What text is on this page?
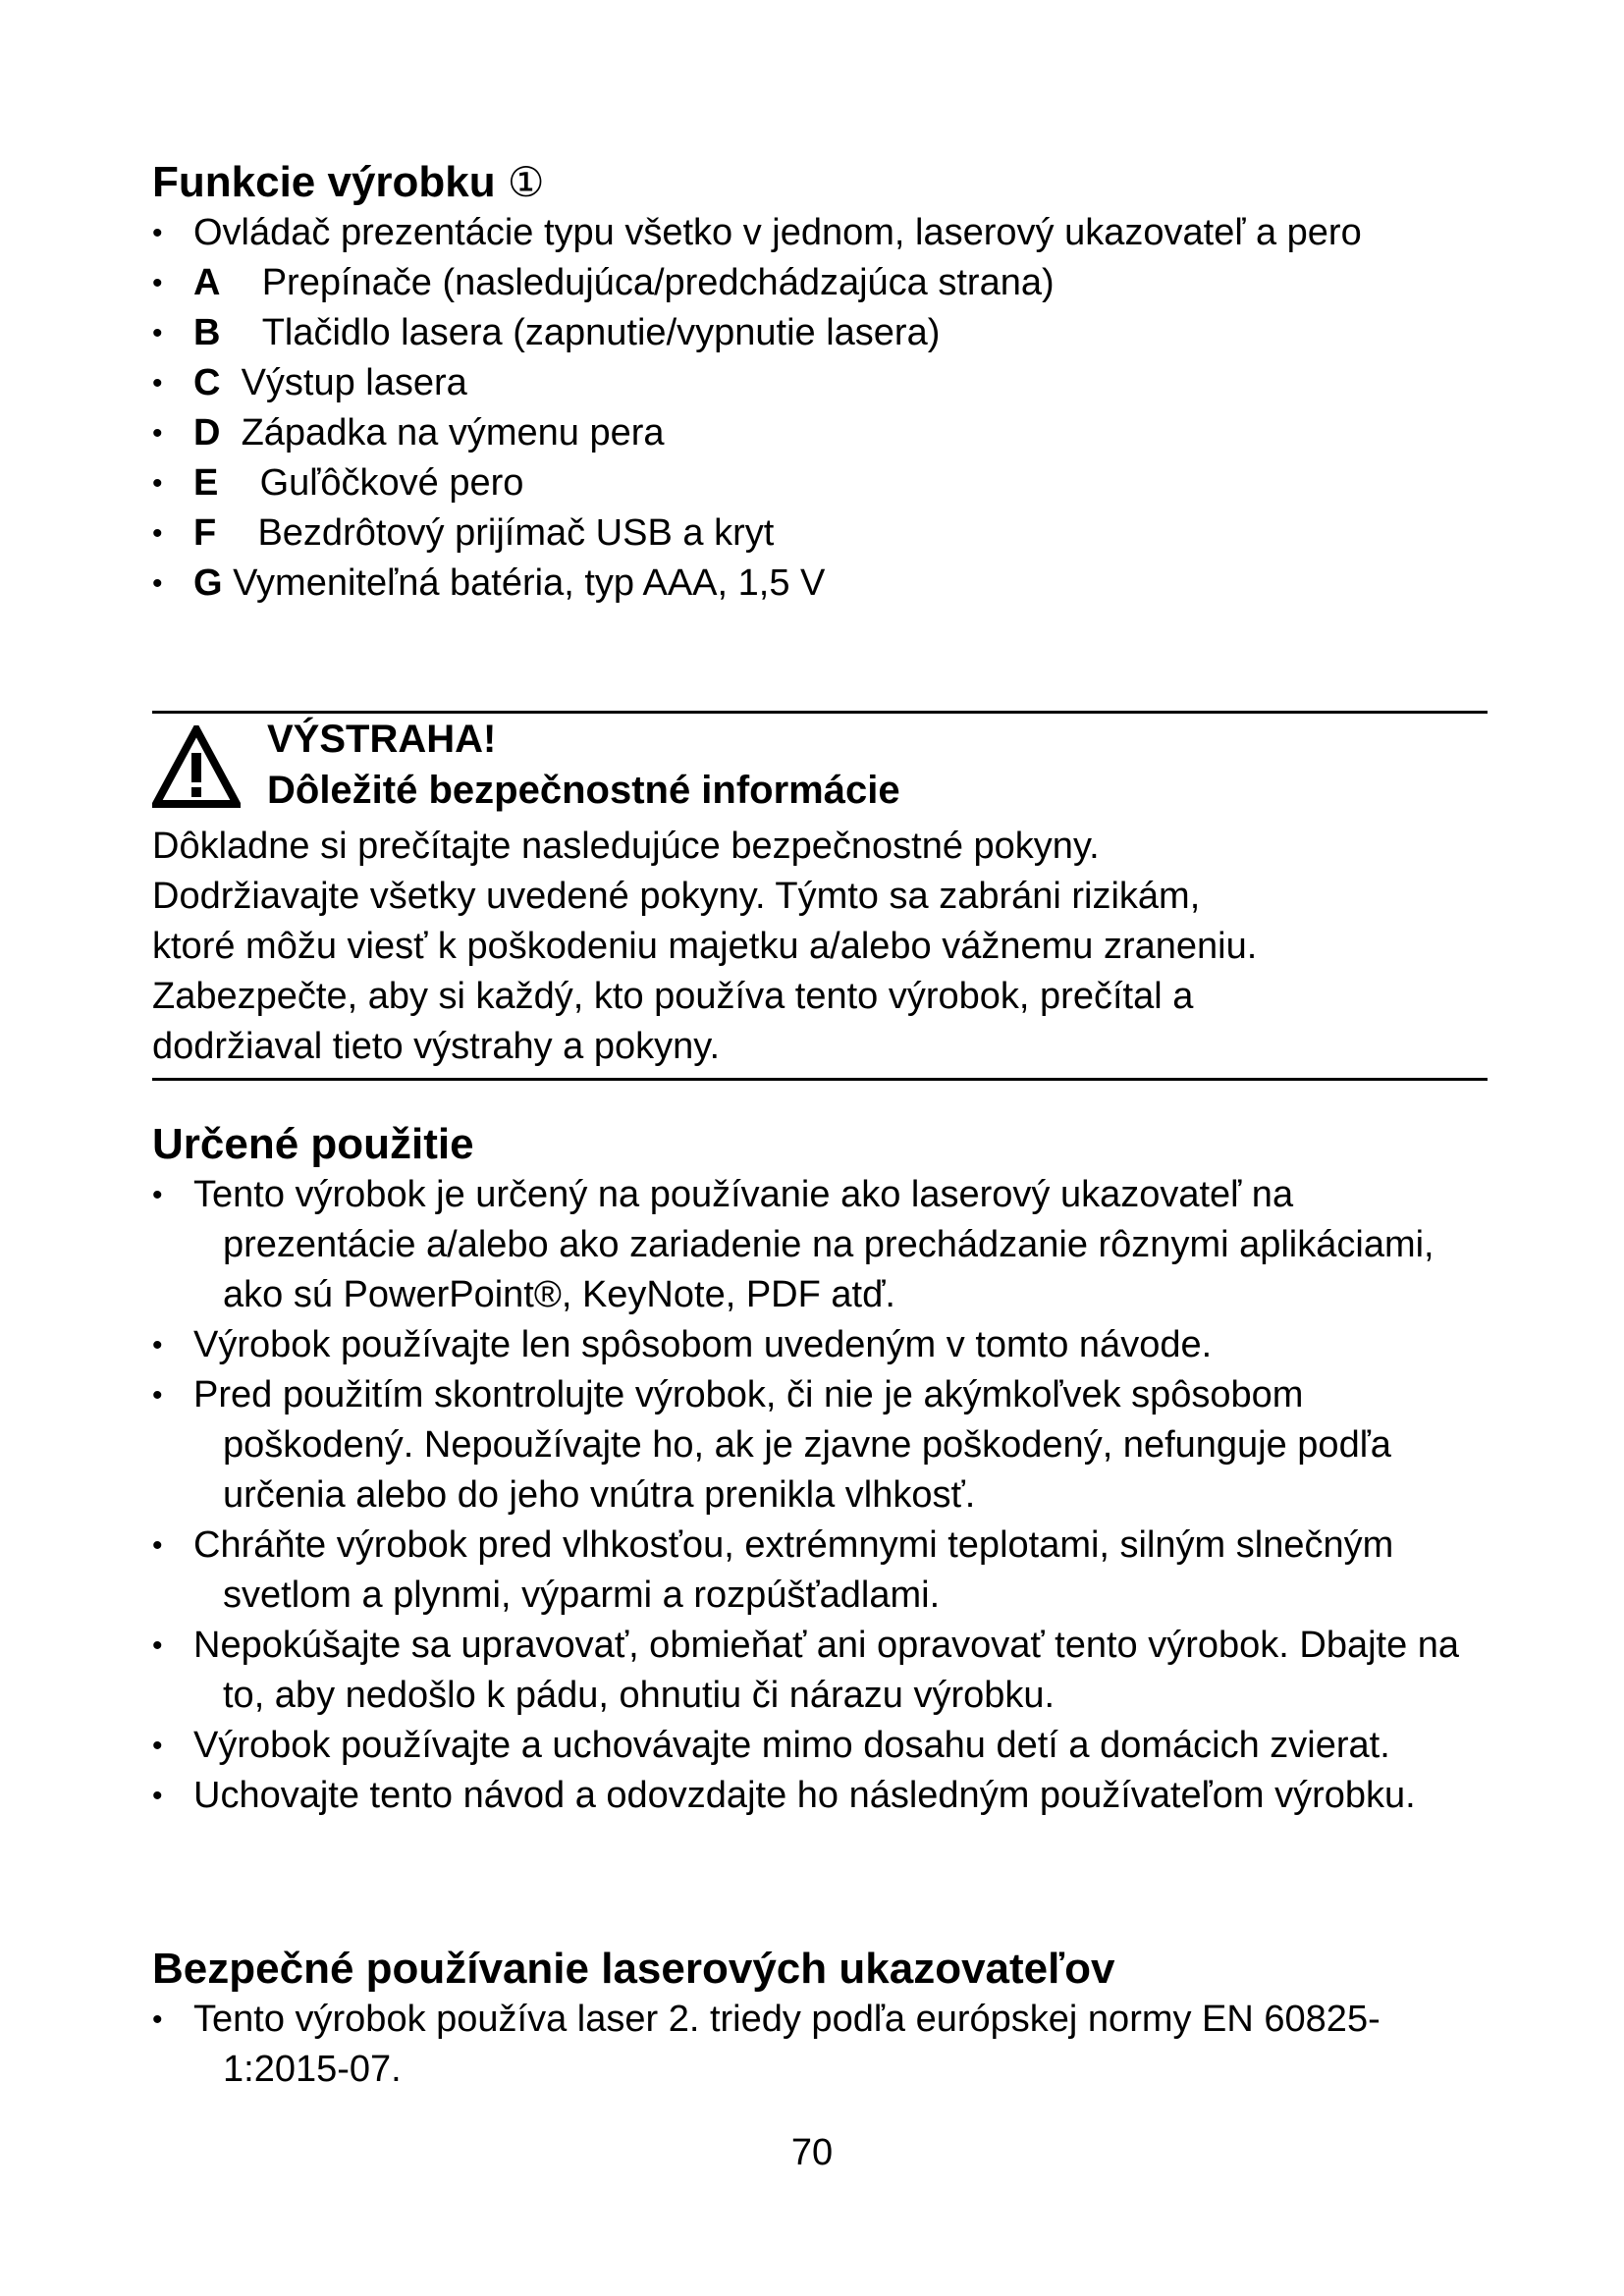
Funkcie výrobku ①
• Ovládač prezentácie typu všetko v jednom, laserový ukazovateľ a pero
• A Prepínače (nasledujúca/predchádzajúca strana)
• B Tlačidlo lasera (zapnutie/vypnutie lasera)
• C Výstup lasera
• D Západka na výmenu pera
• E Guľôčkové pero
• F Bezdrôtový prijímač USB a kryt
• G Vymeniteľná batéria, typ AAA, 1,5 V
VÝSTRAHA!
Dôležité bezpečnostné informácie
Dôkladne si prečítajte nasledujúce bezpečnostné pokyny.
Dodržiavajte všetky uvedené pokyny. Týmto sa zabráni rizikám,
ktoré môžu viesť k poškodeniu majetku a/alebo vážnemu zraneniu.
Zabezpečte, aby si každý, kto používa tento výrobok, prečítal a
dodržiaval tieto výstrahy a pokyny.
Určené použitie
• Tento výrobok je určený na používanie ako laserový ukazovateľ na prezentácie a/alebo ako zariadenie na prechádzanie rôznymi aplikáciami, ako sú PowerPoint®, KeyNote, PDF atď.
• Výrobok používajte len spôsobom uvedeným v tomto návode.
• Pred použitím skontrolujte výrobok, či nie je akýmkoľvek spôsobom poškodený. Nepoužívajte ho, ak je zjavne poškodený, nefunguje podľa určenia alebo do jeho vnútra prenikla vlhkosť.
• Chráňte výrobok pred vlhkosťou, extrémnymi teplotami, silným slnečným svetlom a plynmi, výparmi a rozpúšťadlami.
• Nepokúšajte sa upravovať, obmieňať ani opravovať tento výrobok. Dbajte na to, aby nedošlo k pádu, ohnutiu či nárazu výrobku.
• Výrobok používajte a uchovávajte mimo dosahu detí a domácich zvierat.
• Uchovajte tento návod a odovzdajte ho následným používateľom výrobku.
Bezpečné používanie laserových ukazovateľov
• Tento výrobok používa laser 2. triedy podľa európskej normy EN 60825-1:2015-07.
70
